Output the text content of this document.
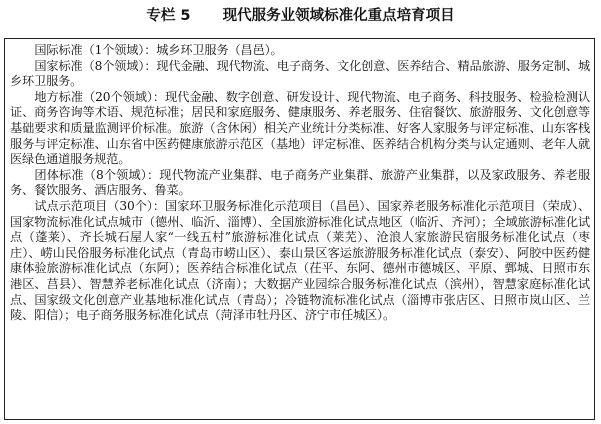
专栏 5 现代服务业领域标准化重点培育项目

国际标准（1个领域）：城乡环卫服务（昌邑）。

国家标准（8个领域）：现代金融、现代物流、电子商务、文化创意、医养结合、精品旅游、服务定制、城乡环卫服务。

地方标准（20个领域）：现代金融、数字创意、研发设计、现代物流、电子商务、科技服务、检验检测认证、商务咨询等术语、规范标准；居民和家庭服务、健康服务、养老服务、住宿餐饮、旅游服务、文化创意等基础要求和质量监测评价标准。旅游（含休闲）相关产业统计分类标准、好客人家服务与评定标准、山东客栈服务与评定标准、山东省中医药健康旅游示范区（基地）评定标准、医养结合机构分类与认定通则、老年人就医绿色通道服务规范。

团体标准（8个领域）：现代物流产业集群、电子商务产业集群、旅游产业集群，以及家政服务、养老服务、餐饮服务、酒店服务、鲁菜。

试点示范项目（30个）：国家环卫服务标准化示范项目（昌邑）、国家养老服务标准化示范项目（荣成）、国家物流标准化试点城市（德州、临沂、淄博）、全国旅游标准化试点地区（临沂、齐河）；全域旅游标准化试点（蓬莱）、齐长城石屋人家“一线五村”旅游标准化试点（莱芜）、沧浪人家旅游民宿服务标准化试点（枣庄）、崂山民俗服务标准化试点（青岛市崂山区）、泰山景区客运旅游服务标准化试点（泰安）、阿胶中医药健康体验旅游标准化试点（东阿）；医养结合标准化试点（茌平、东阿、德州市德城区、平原、鄄城、日照市东港区、莒县）、智慧养老标准化试点（济南）；大数据产业园综合服务标准化试点（滨州），智慧家庭标准化试点、国家级文化创意产业基地标准化试点（青岛）；冷链物流标准化试点（淄博市张店区、日照市岚山区、兰陵、阳信）；电子商务服务标准化试点（菏泽市牡丹区、济宁市任城区）。
